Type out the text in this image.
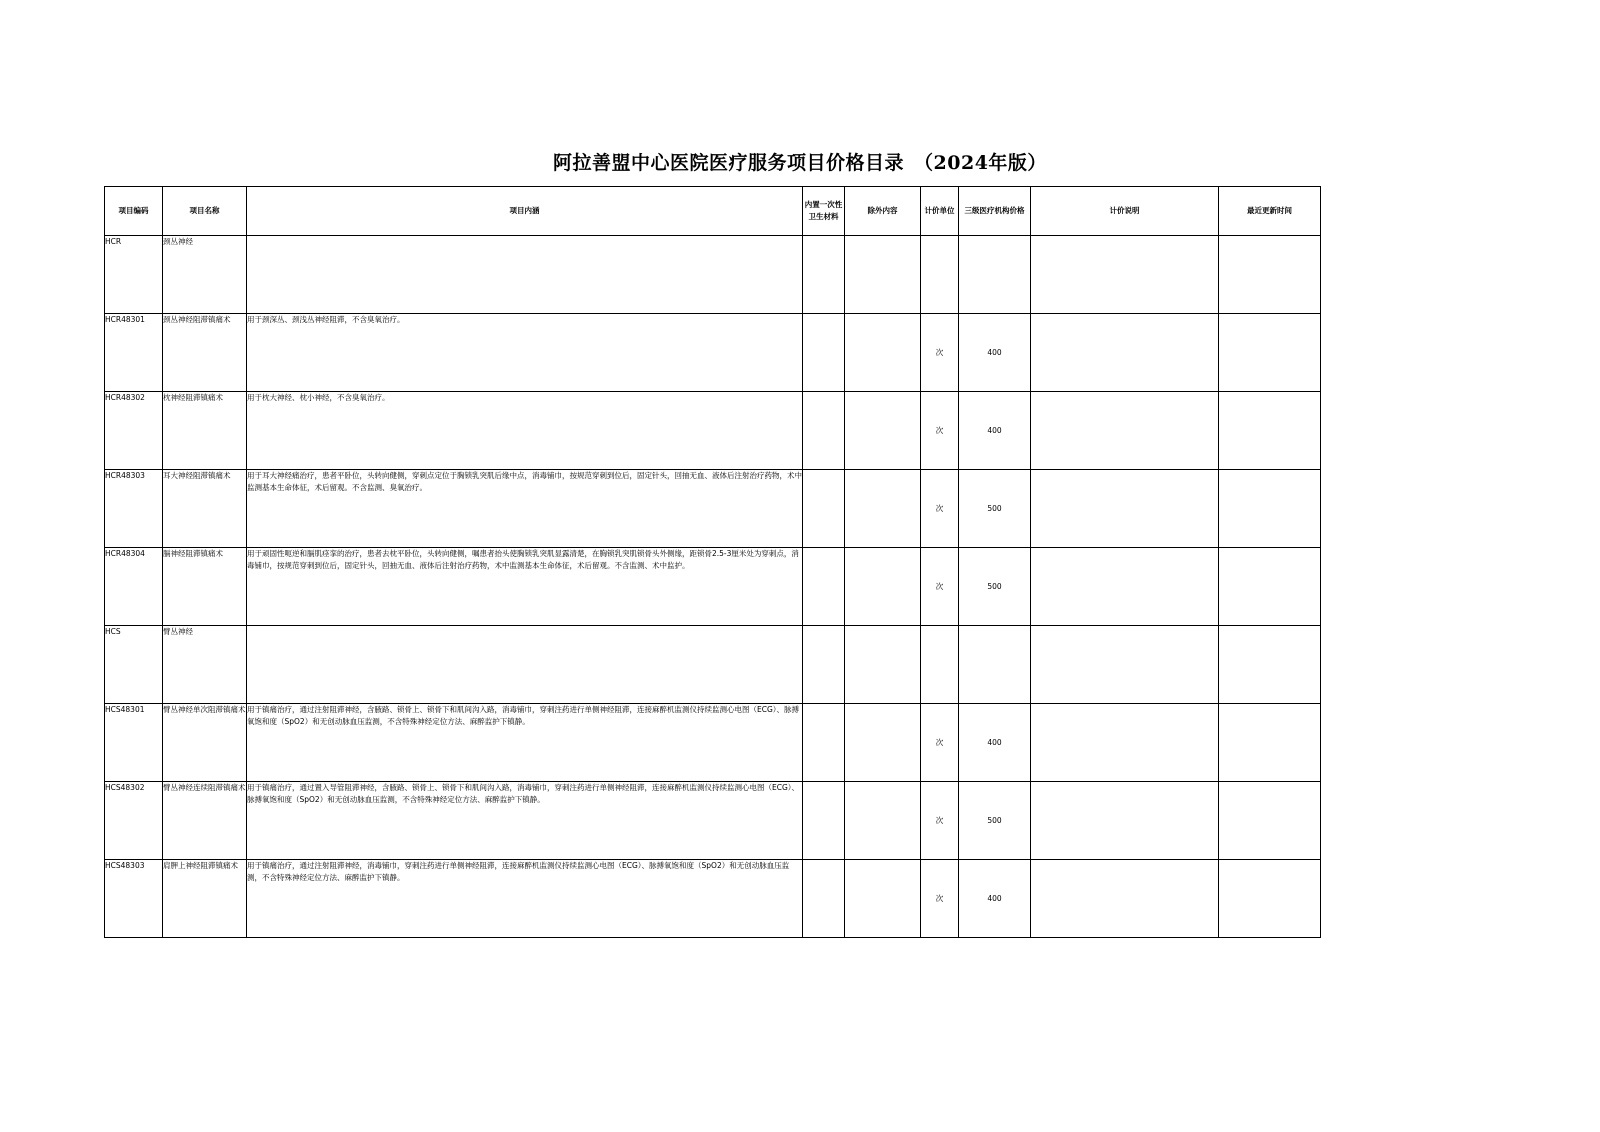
阿拉善盟中心医院医疗服务项目价格目录　（2024年版）
项目编码	项目名称	项目内涵	内置一次性卫生材料	除外内容	计价单位	三级医疗机构价格	计价说明	最近更新时间
HCR	颈丛神经							
HCR48301	颈丛神经阻滞镇痛术	用于颈深丛、颈浅丛神经阻滞，不含臭氧治疗。			次	400		
HCR48302	枕神经阻滞镇痛术	用于枕大神经、枕小神经，不含臭氧治疗。			次	400		
HCR48303	耳大神经阻滞镇痛术	用于耳大神经痛治疗，患者平卧位，头转向健侧，穿刺点定位于胸锁乳突肌后缘中点，消毒铺巾，按规范穿刺到位后，固定针头，回抽无血、液体后注射治疗药物，术中监测基本生命体征，术后留观。不含监测、臭氧治疗。			次	500		
HCR48304	膈神经阻滞镇痛术	用于顽固性呃逆和膈肌痉挛的治疗，患者去枕平卧位，头转向健侧，嘱患者抬头使胸锁乳突肌显露清楚，在胸锁乳突肌锁骨头外侧缘，距锁骨2.5-3厘米处为穿刺点，消毒铺巾，按规范穿刺到位后，固定针头，回抽无血、液体后注射治疗药物，术中监测基本生命体征，术后留观。不含监测、术中监护。			次	500		
HCS	臂丛神经							
HCS48301	臂丛神经单次阻滞镇痛术	用于镇痛治疗，通过注射阻滞神经，含腋路、锁骨上、锁骨下和肌间沟入路，消毒铺巾，穿刺注药进行单侧神经阻滞，连接麻醉机监测仪持续监测心电图（ECG）、脉搏氧饱和度（SpO2）和无创动脉血压监测，不含特殊神经定位方法、麻醉监护下镇静。			次	400		
HCS48302	臂丛神经连续阻滞镇痛术	用于镇痛治疗，通过置入导管阻滞神经，含腋路、锁骨上、锁骨下和肌间沟入路，消毒铺巾，穿刺注药进行单侧神经阻滞，连接麻醉机监测仪持续监测心电图（ECG）、脉搏氧饱和度（SpO2）和无创动脉血压监测，不含特殊神经定位方法、麻醉监护下镇静。			次	500		
HCS48303	肩胛上神经阻滞镇痛术	用于镇痛治疗，通过注射阻滞神经，消毒铺巾，穿刺注药进行单侧神经阻滞，连接麻醉机监测仪持续监测心电图（ECG）、脉搏氧饱和度（SpO2）和无创动脉血压监测，不含特殊神经定位方法、麻醉监护下镇静。			次	400		
